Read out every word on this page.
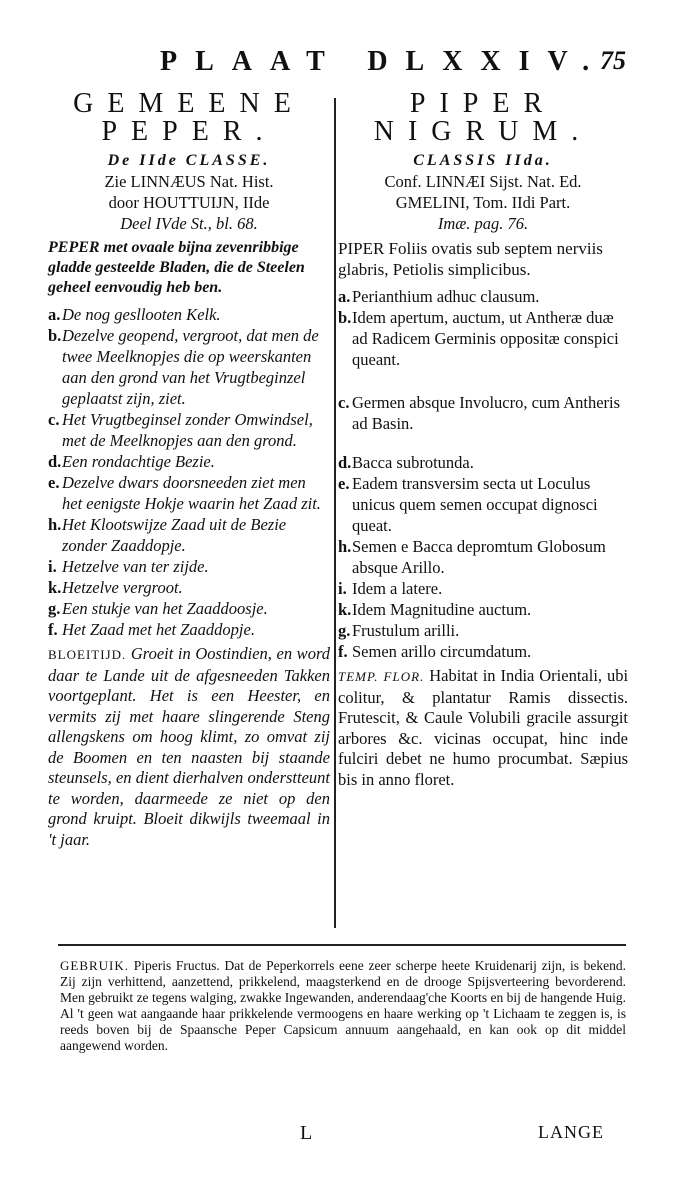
PLAAT DLXXIV.
75
GEMEENE
PEPER.
De IIde CLASSE.
Zie LINNÆUS Nat. Hist.
door HOUTTUIJN, IIde
Deel IVde St., bl. 68.
PEPER met ovaale bijna zevenribbige gladde gesteelde Bladen, die de Steelen geheel eenvoudig heb ben.
a. De nog gesllooten Kelk.
b. Dezelve geopend, vergroot, dat men de twee Meelknopjes die op weerskanten aan den grond van het Vrugtbeginzel geplaatst zijn, ziet.
c. Het Vrugtbeginsel zonder Omwindsel, met de Meelknopjes aan den grond.
d. Een rondachtige Bezie.
e. Dezelve dwars doorsneeden ziet men het eenigste Hokje waarin het Zaad zit.
h. Het Klootswijze Zaad uit de Bezie zonder Zaaddopje.
i. Hetzelve van ter zijde.
k. Hetzelve vergroot.
g. Een stukje van het Zaaddoosje.
f. Het Zaad met het Zaaddopje.
BLOEITIJD. Groeit in Oostindien, en word daar te Lande uit de afgesneeden Takken voortgeplant. Het is een Heester, en vermits zij met haare slingerende Steng allengskens om hoog klimt, zo omvat zij de Boomen en ten naasten bij staande steunsels, en dient dierhalven onderstteunt te worden, daarmeede ze niet op den grond kruipt. Bloeit dikwijls tweemaal in 't jaar.
PIPER
NIGRUM.
CLASSIS IIda.
Conf. LINNÆI Sijst. Nat. Ed.
GMELINI, Tom. IIdi Part.
Imæ. pag. 76.
PIPER Foliis ovatis sub septem nerviis glabris, Petiolis simplicibus.
a. Perianthium adhuc clausum.
b. Idem apertum, auctum, ut Antheræ duæ ad Radicem Germinis oppositæ conspici queant.
c. Germen absque Involucro, cum Antheris ad Basin.
d. Bacca subrotunda.
e. Eadem transversim secta ut Loculus unicus quem semen occupat dignosci queat.
h. Semen e Bacca depromtum Globosum absque Arillo.
i. Idem a latere.
k. Idem Magnitudine auctum.
g. Frustulum arilli.
f. Semen arillo circumdatum.
TEMP. FLOR. Habitat in India Orientali, ubi colitur, & plantatur Ramis dissectis. Frutescit, & Caule Volubili gracile assurgit arbores &c. vicinas occupat, hinc inde fulciri debet ne humo procumbat. Sæpius bis in anno floret.
GEBRUIK. Piperis Fructus. Dat de Peperkorrels eene zeer scherpe heete Kruidenarij zijn, is bekend. Zij zijn verhittend, aanzettend, prikkelend, maagsterkend en de drooge Spijsverteering bevorderend. Men gebruikt ze tegens walging, zwakke Ingewanden, anderendaag'che Koorts en bij de hangende Huig. Al 't geen wat aangaande haar prikkelende vermoogens en haare werking op 't Lichaam te zeggen is, is reeds boven bij de Spaansche Peper Capsicum annuum aangehaald, en kan ook op dit middel aangewend worden.
L	LANGE
